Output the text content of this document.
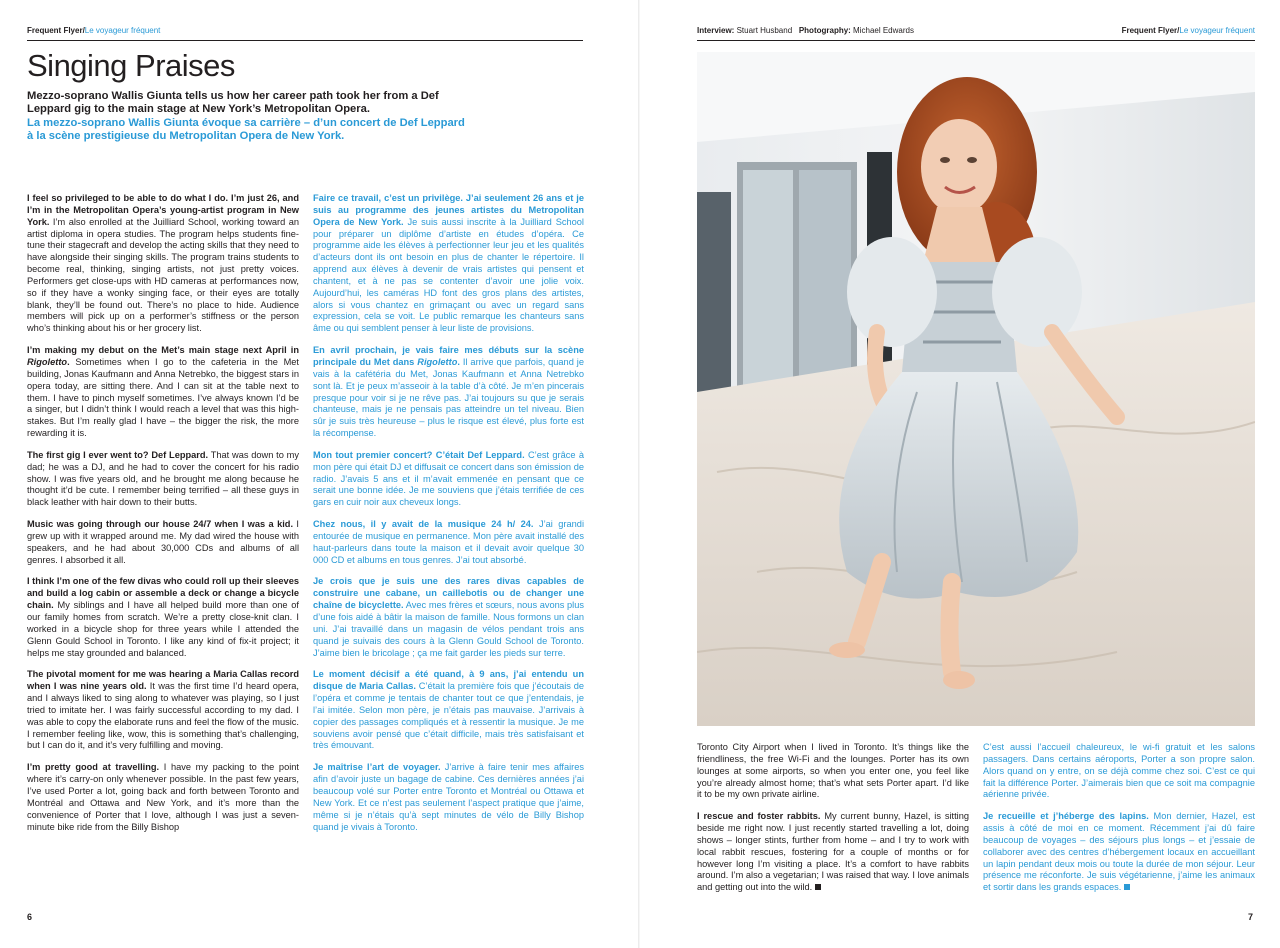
Frequent Flyer/Le voyageur fréquent
Singing Praises
Mezzo-soprano Wallis Giunta tells us how her career path took her from a Def Leppard gig to the main stage at New York’s Metropolitan Opera.
La mezzo-soprano Wallis Giunta évoque sa carrière – d’un concert de Def Leppard à la scène prestigieuse du Metropolitan Opera de New York.

I feel so privileged to be able to do what I do. I’m just 26, and I’m in the Metropolitan Opera’s young-artist program in New York. I’m also enrolled at the Juilliard School, working toward an artist diploma in opera studies. The program helps students fine-tune their stagecraft and develop the acting skills that they need to have alongside their singing skills. The program trains students to become real, thinking, singing artists, not just pretty voices. Performers get close-ups with HD cameras at performances now, so if they have a wonky singing face, or their eyes are totally blank, they’ll be found out. There’s no place to hide. Audience members will pick up on a performer’s stiffness or the person who’s thinking about his or her grocery list.

I’m making my debut on the Met’s main stage next April in Rigoletto. Sometimes when I go to the cafeteria in the Met building, Jonas Kaufmann and Anna Netrebko, the biggest stars in opera today, are sitting there. And I can sit at the table next to them. I have to pinch myself sometimes. I’ve always known I’d be a singer, but I didn’t think I would reach a level that was this high-stakes. But I’m really glad I have – the bigger the risk, the more rewarding it is.

The first gig I ever went to? Def Leppard. That was down to my dad; he was a DJ, and he had to cover the concert for his radio show. I was five years old, and he brought me along because he thought it’d be cute. I remember being terrified – all these guys in black leather with hair down to their butts.

Music was going through our house 24/7 when I was a kid. I grew up with it wrapped around me. My dad wired the house with speakers, and he had about 30,000 CDs and albums of all genres. I absorbed it all.

I think I’m one of the few divas who could roll up their sleeves and build a log cabin or assemble a deck or change a bicycle chain. My siblings and I have all helped build more than one of our family homes from scratch. We’re a pretty close-knit clan. I worked in a bicycle shop for three years while I attended the Glenn Gould School in Toronto. I like any kind of fix-it project; it helps me stay grounded and balanced.

The pivotal moment for me was hearing a Maria Callas record when I was nine years old. It was the first time I’d heard opera, and I always liked to sing along to whatever was playing, so I just tried to imitate her. I was fairly successful according to my dad. I was able to copy the elaborate runs and feel the flow of the music. I remember feeling like, wow, this is something that’s challenging, but I can do it, and it’s very fulfilling and moving.

I’m pretty good at travelling. I have my packing to the point where it’s carry-on only whenever possible. In the past few years, I’ve used Porter a lot, going back and forth between Toronto and Montréal and Ottawa and New York, and it’s more than the convenience of Porter that I love, although I was just a seven-minute bike ride from the Billy Bishop

Faire ce travail, c’est un privilège. J’ai seulement 26 ans et je suis au programme des jeunes artistes du Metropolitan Opera de New York. Je suis aussi inscrite à la Juilliard School pour préparer un diplôme d’artiste en études d’opéra. Ce programme aide les élèves à perfectionner leur jeu et les qualités d’acteurs dont ils ont besoin en plus de chanter le répertoire. Il apprend aux élèves à devenir de vrais artistes qui pensent et chantent, et à ne pas se contenter d’avoir une jolie voix. Aujourd’hui, les caméras HD font des gros plans des artistes, alors si vous chantez en grimaçant ou avec un regard sans expression, cela se voit. Le public remarque les chanteurs sans âme ou qui semblent penser à leur liste de provisions.

En avril prochain, je vais faire mes débuts sur la scène principale du Met dans Rigoletto. Il arrive que parfois, quand je vais à la cafétéria du Met, Jonas Kaufmann et Anna Netrebko sont là. Et je peux m’asseoir à la table d’à côté. Je m’en pincerais presque pour voir si je ne rêve pas. J’ai toujours su que je serais chanteuse, mais je ne pensais pas atteindre un tel niveau. Bien sûr je suis très heureuse – plus le risque est élevé, plus forte est la récompense.

Mon tout premier concert? C’était Def Leppard. C’est grâce à mon père qui était DJ et diffusait ce concert dans son émission de radio. J’avais 5 ans et il m’avait emmenée en pensant que ce serait une bonne idée. Je me souviens que j’étais terrifiée de ces gars en cuir noir aux cheveux longs.

Chez nous, il y avait de la musique 24 h/ 24. J’ai grandi entourée de musique en permanence. Mon père avait installé des haut-parleurs dans toute la maison et il devait avoir quelque 30 000 CD et albums en tous genres. J’ai tout absorbé.

Je crois que je suis une des rares divas capables de construire une cabane, un caillebotis ou de changer une chaîne de bicyclette. Avec mes frères et sœurs, nous avons plus d’une fois aidé à bâtir la maison de famille. Nous formons un clan uni. J’ai travaillé dans un magasin de vélos pendant trois ans quand je suivais des cours à la Glenn Gould School de Toronto. J’aime bien le bricolage ; ça me fait garder les pieds sur terre.

Le moment décisif a été quand, à 9 ans, j’ai entendu un disque de Maria Callas. C’était la première fois que j’écoutais de l’opéra et comme je tentais de chanter tout ce que j’entendais, je l’ai imitée. Selon mon père, je n’étais pas mauvaise. J’arrivais à copier des passages compliqués et à ressentir la musique. Je me souviens avoir pensé que c’était difficile, mais très satisfaisant et très émouvant.

Je maîtrise l’art de voyager. J’arrive à faire tenir mes affaires afin d’avoir juste un bagage de cabine. Ces dernières années j’ai beaucoup volé sur Porter entre Toronto et Montréal ou Ottawa et New York. Et ce n’est pas seulement l’aspect pratique que j’aime, même si je n’étais qu’à sept minutes de vélo de Billy Bishop quand je vivais à Toronto.

6
Interview: Stuart Husband Photography: Michael Edwards	Frequent Flyer/Le voyageur fréquent

Toronto City Airport when I lived in Toronto. It’s things like the friendliness, the free Wi-Fi and the lounges. Porter has its own lounges at some airports, so when you enter one, you feel like you’re already almost home; that’s what sets Porter apart. I’d like it to be my own private airline.

I rescue and foster rabbits. My current bunny, Hazel, is sitting beside me right now. I just recently started travelling a lot, doing shows – longer stints, further from home – and I try to work with local rabbit rescues, fostering for a couple of months or for however long I’m visiting a place. It’s a comfort to have rabbits around. I’m also a vegetarian; I was raised that way. I love animals and getting out into the wild.

C’est aussi l’accueil chaleureux, le wi-fi gratuit et les salons passagers. Dans certains aéroports, Porter a son propre salon. Alors quand on y entre, on se déjà comme chez soi. C’est ce qui fait la différence Porter. J’aimerais bien que ce soit ma compagnie aérienne privée.

Je recueille et j’héberge des lapins. Mon dernier, Hazel, est assis à côté de moi en ce moment. Récemment j’ai dû faire beaucoup de voyages – des séjours plus longs – et j’essaie de collaborer avec des centres d’hébergement locaux en accueillant un lapin pendant deux mois ou toute la durée de mon séjour. Leur présence me réconforte. Je suis végétarienne, j’aime les animaux et sortir dans les grands espaces.

7
